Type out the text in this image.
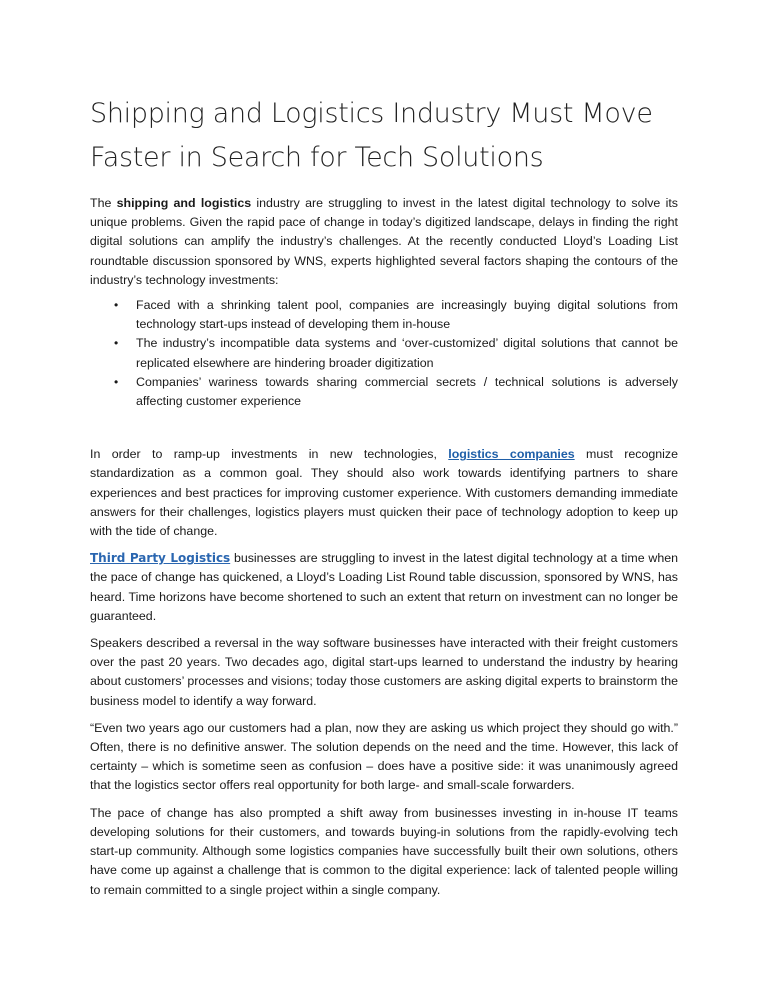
Shipping and Logistics Industry Must Move Faster in Search for Tech Solutions

The shipping and logistics industry are struggling to invest in the latest digital technology to solve its unique problems. Given the rapid pace of change in today’s digitized landscape, delays in finding the right digital solutions can amplify the industry’s challenges. At the recently conducted Lloyd’s Loading List roundtable discussion sponsored by WNS, experts highlighted several factors shaping the contours of the industry’s technology investments:

• Faced with a shrinking talent pool, companies are increasingly buying digital solutions from technology start-ups instead of developing them in-house
• The industry’s incompatible data systems and ‘over-customized’ digital solutions that cannot be replicated elsewhere are hindering broader digitization
• Companies’ wariness towards sharing commercial secrets / technical solutions is adversely affecting customer experience

In order to ramp-up investments in new technologies, logistics companies must recognize standardization as a common goal. They should also work towards identifying partners to share experiences and best practices for improving customer experience. With customers demanding immediate answers for their challenges, logistics players must quicken their pace of technology adoption to keep up with the tide of change.

Third Party Logistics businesses are struggling to invest in the latest digital technology at a time when the pace of change has quickened, a Lloyd’s Loading List Round table discussion, sponsored by WNS, has heard. Time horizons have become shortened to such an extent that return on investment can no longer be guaranteed.

Speakers described a reversal in the way software businesses have interacted with their freight customers over the past 20 years. Two decades ago, digital start-ups learned to understand the industry by hearing about customers’ processes and visions; today those customers are asking digital experts to brainstorm the business model to identify a way forward.

“Even two years ago our customers had a plan, now they are asking us which project they should go with.” Often, there is no definitive answer. The solution depends on the need and the time. However, this lack of certainty – which is sometime seen as confusion – does have a positive side: it was unanimously agreed that the logistics sector offers real opportunity for both large- and small-scale forwarders.

The pace of change has also prompted a shift away from businesses investing in in-house IT teams developing solutions for their customers, and towards buying-in solutions from the rapidly-evolving tech start-up community. Although some logistics companies have successfully built their own solutions, others have come up against a challenge that is common to the digital experience: lack of talented people willing to remain committed to a single project within a single company.
